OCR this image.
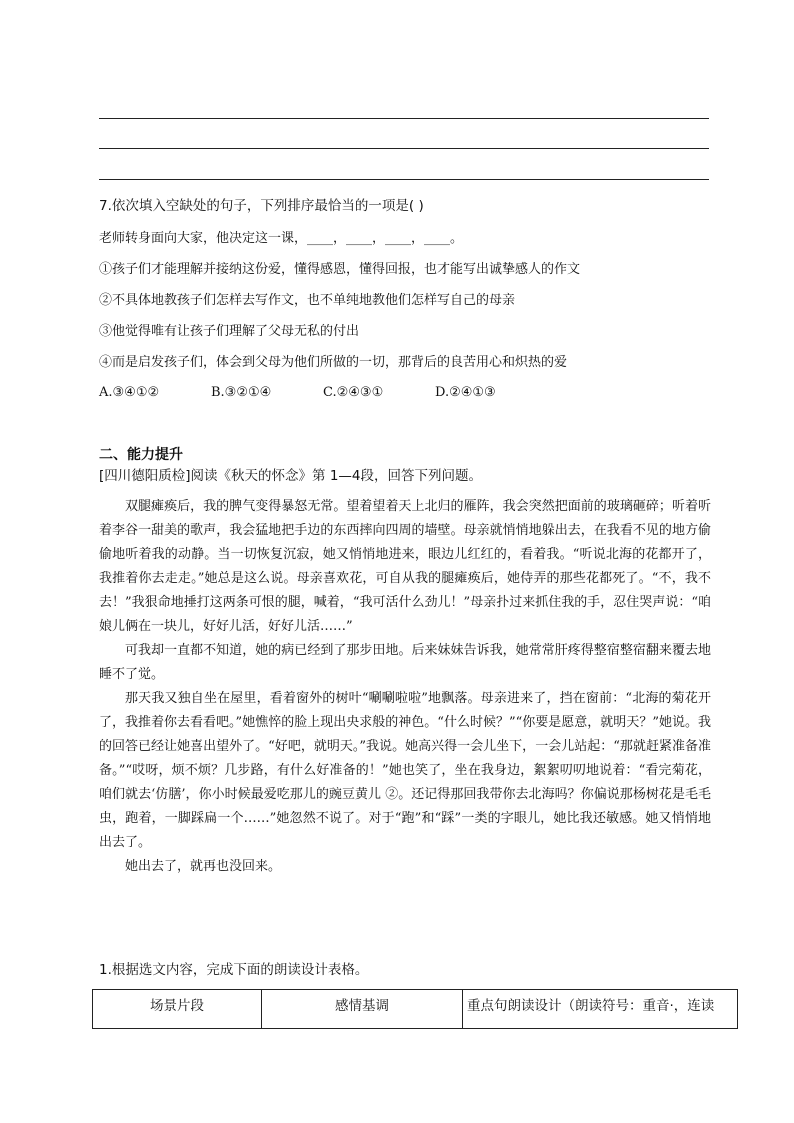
7.依次填入空缺处的句子，下列排序最恰当的一项是( )
老师转身面向大家，他决定这一课，____，____，____，____。
①孩子们才能理解并接纳这份爱，懂得感恩，懂得回报，也才能写出诚挚感人的作文
②不具体地教孩子们怎样去写作文，也不单纯地教他们怎样写自己的母亲
③他觉得唯有让孩子们理解了父母无私的付出
④而是启发孩子们，体会到父母为他们所做的一切，那背后的良苦用心和炽热的爱
A.③④①②	B.③②①④	C.②④③①	D.②④①③
二、能力提升
[四川德阳质检]阅读《秋天的怀念》第 1—4段，回答下列问题。

双腿瘫痪后，我的脾气变得暴怒无常。望着望着天上北归的雁阵，我会突然把面前的玻璃砸碎；听着听着李谷一甜美的歌声，我会猛地把手边的东西摔向四周的墙壁。母亲就悄悄地躲出去，在我看不见的地方偷偷地听着我的动静。当一切恢复沉寂，她又悄悄地进来，眼边儿红红的，看着我。“听说北海的花都开了，我推着你去走走。”她总是这么说。母亲喜欢花，可自从我的腿瘫痪后，她侍弄的那些花都死了。“不，我不去！”我狠命地捶打这两条可恨的腿，喊着，“我可活什么劲儿！”母亲扑过来抓住我的手，忍住哭声说：“咱娘儿俩在一块儿，好好儿活，好好儿活……”

可我却一直都不知道，她的病已经到了那步田地。后来妹妹告诉我，她常常肝疼得整宿整宿翻来覆去地睡不了觉。

那天我又独自坐在屋里，看着窗外的树叶“唰唰啦啦”地飘落。母亲进来了，挡在窗前：“北海的菊花开了，我推着你去看看吧。”她憔悴的脸上现出央求般的神色。“什么时候？”“你要是愿意，就明天？”她说。我的回答已经让她喜出望外了。“好吧，就明天。”我说。她高兴得一会儿坐下，一会儿站起：“那就赶紧准备准备。”“哎呀，烦不烦？几步路，有什么好准备的！”她也笑了，坐在我身边，絮絮叨叨地说着：“看完菊花，咱们就去‘仿膳’，你小时候最爱吃那儿的豌豆黄儿 ②。还记得那回我带你去北海吗？你偏说那杨树花是毛毛虫，跑着，一脚踩扁一个……”她忽然不说了。对于“跑”和“踩”一类的字眼儿，她比我还敏感。她又悄悄地出去了。

她出去了，就再也没回来。

1.根据选文内容，完成下面的朗读设计表格。
场景片段	感情基调	重点句朗读设计（朗读符号：重音·，连读
